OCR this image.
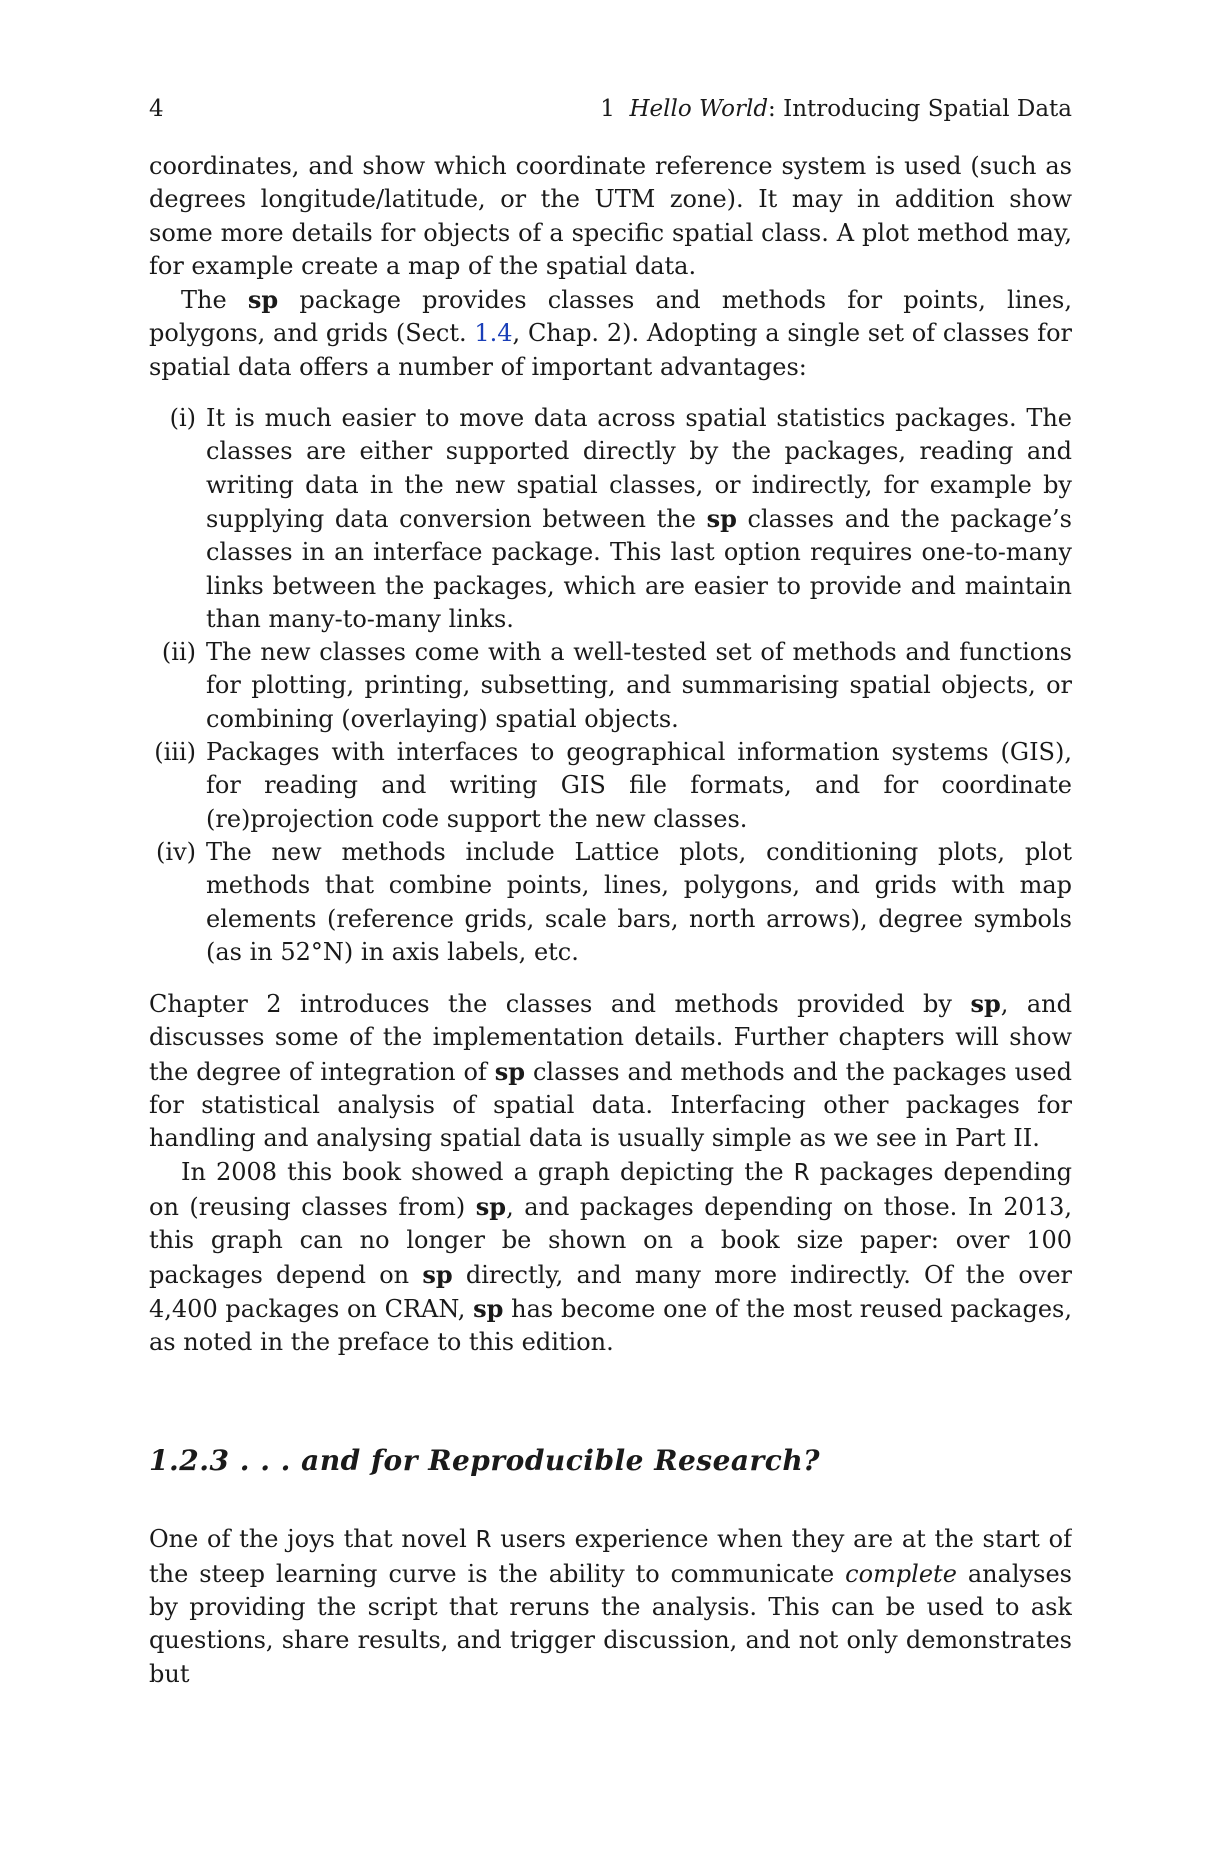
4	1 Hello World: Introducing Spatial Data

coordinates, and show which coordinate reference system is used (such as degrees longitude/latitude, or the UTM zone). It may in addition show some more details for objects of a specific spatial class. A plot method may, for example create a map of the spatial data.

The sp package provides classes and methods for points, lines, polygons, and grids (Sect. 1.4, Chap. 2). Adopting a single set of classes for spatial data offers a number of important advantages:

(i) It is much easier to move data across spatial statistics packages. The classes are either supported directly by the packages, reading and writing data in the new spatial classes, or indirectly, for example by supplying data conversion between the sp classes and the package’s classes in an interface package. This last option requires one-to-many links between the packages, which are easier to provide and maintain than many-to-many links.
(ii) The new classes come with a well-tested set of methods and functions for plotting, printing, subsetting, and summarising spatial objects, or combining (overlaying) spatial objects.
(iii) Packages with interfaces to geographical information systems (GIS), for reading and writing GIS file formats, and for coordinate (re)projection code support the new classes.
(iv) The new methods include Lattice plots, conditioning plots, plot methods that combine points, lines, polygons, and grids with map elements (reference grids, scale bars, north arrows), degree symbols (as in 52°N) in axis labels, etc.

Chapter 2 introduces the classes and methods provided by sp, and discusses some of the implementation details. Further chapters will show the degree of integration of sp classes and methods and the packages used for statistical analysis of spatial data. Interfacing other packages for handling and analysing spatial data is usually simple as we see in Part II.

In 2008 this book showed a graph depicting the R packages depending on (reusing classes from) sp, and packages depending on those. In 2013, this graph can no longer be shown on a book size paper: over 100 packages depend on sp directly, and many more indirectly. Of the over 4,400 packages on CRAN, sp has become one of the most reused packages, as noted in the preface to this edition.

1.2.3 . . . and for Reproducible Research?

One of the joys that novel R users experience when they are at the start of the steep learning curve is the ability to communicate complete analyses by providing the script that reruns the analysis. This can be used to ask questions, share results, and trigger discussion, and not only demonstrates but
